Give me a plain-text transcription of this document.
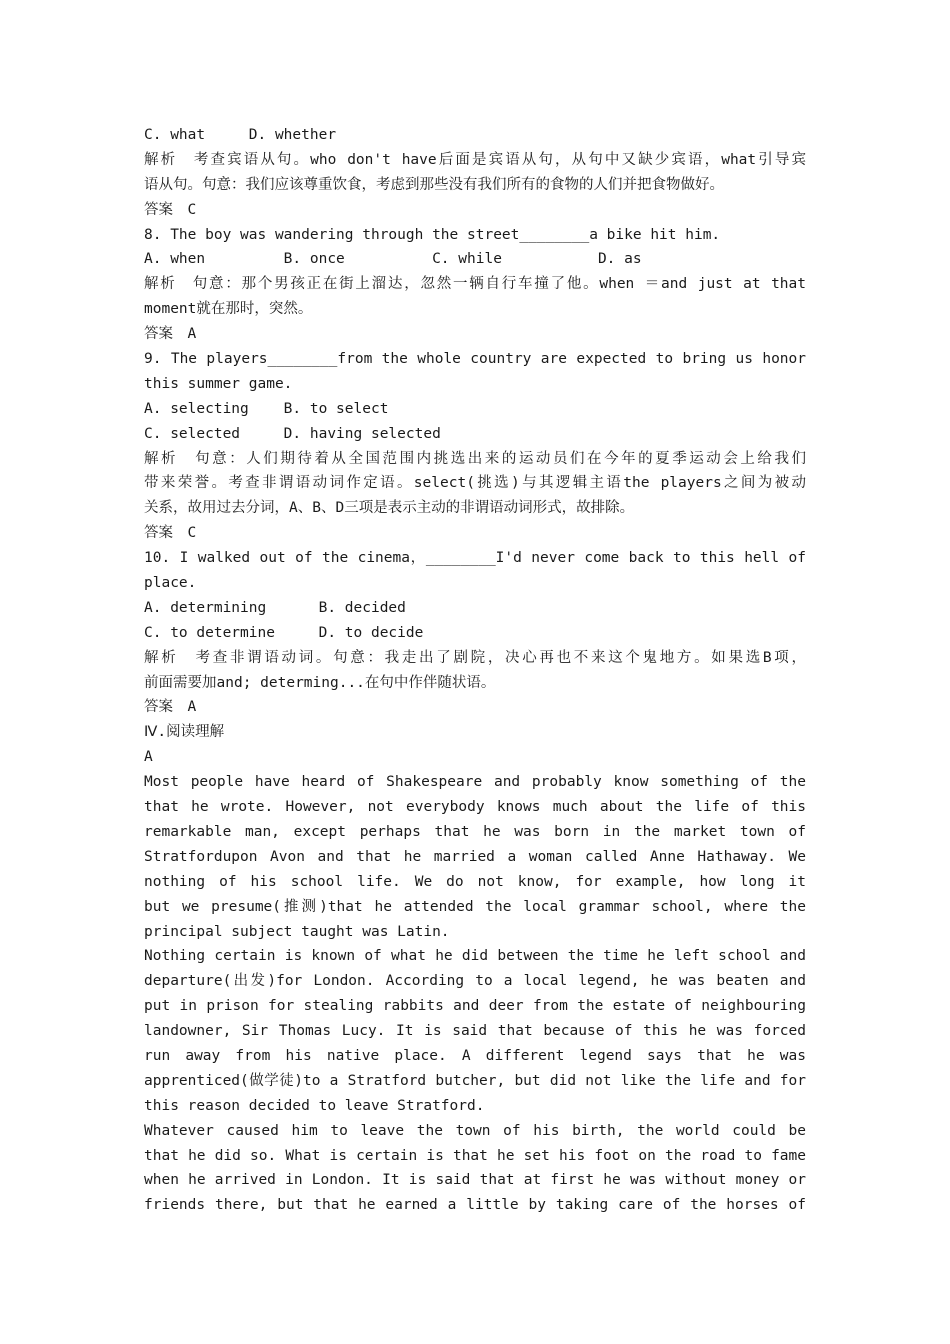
C. what     D. whether
解析　考查宾语从句。who don't have后面是宾语从句，从句中又缺少宾语，what引导宾
语从句。句意：我们应该尊重饮食，考虑到那些没有我们所有的食物的人们并把食物做好。
答案　C
8. The boy was wandering through the street________a bike hit him.
A. when         B. once          C. while           D. as
解析　句意：那个男孩正在街上溜达，忽然一辆自行车撞了他。when ＝and just at that
moment就在那时，突然。
答案　A
9. The players________from the whole country are expected to bring us honor
this summer game.
A. selecting    B. to select
C. selected     D. having selected
解析　句意：人们期待着从全国范围内挑选出来的运动员们在今年的夏季运动会上给我们
带来荣誉。考查非谓语动词作定语。select(挑选)与其逻辑主语the players之间为被动
关系，故用过去分词，A、B、D三项是表示主动的非谓语动词形式，故排除。
答案　C
10. I walked out of the cinema，________I'd never come back to this hell of
place.
A. determining      B. decided
C. to determine     D. to decide
解析　考查非谓语动词。句意：我走出了剧院，决心再也不来这个鬼地方。如果选B项，
前面需要加and; determing...在句中作伴随状语。
答案　A
Ⅳ.阅读理解
A
Most people have heard of Shakespeare and probably know something of the
that he wrote. However, not everybody knows much about the life of this
remarkable man, except perhaps that he was born in the market town of
Stratfordupon Avon and that he married a woman called Anne Hathaway. We
nothing of his school life. We do not know, for example, how long it
but we presume(推测)that he attended the local grammar school, where the
principal subject taught was Latin.
Nothing certain is known of what he did between the time he left school and
departure(出发)for London. According to a local legend, he was beaten and
put in prison for stealing rabbits and deer from the estate of neighbouring
landowner, Sir Thomas Lucy. It is said that because of this he was forced
run away from his native place. A different legend says that he was
apprenticed(做学徒)to a Stratford butcher, but did not like the life and for
this reason decided to leave Stratford.
Whatever caused him to leave the town of his birth, the world could be
that he did so. What is certain is that he set his foot on the road to fame
when he arrived in London. It is said that at first he was without money or
friends there, but that he earned a little by taking care of the horses of
